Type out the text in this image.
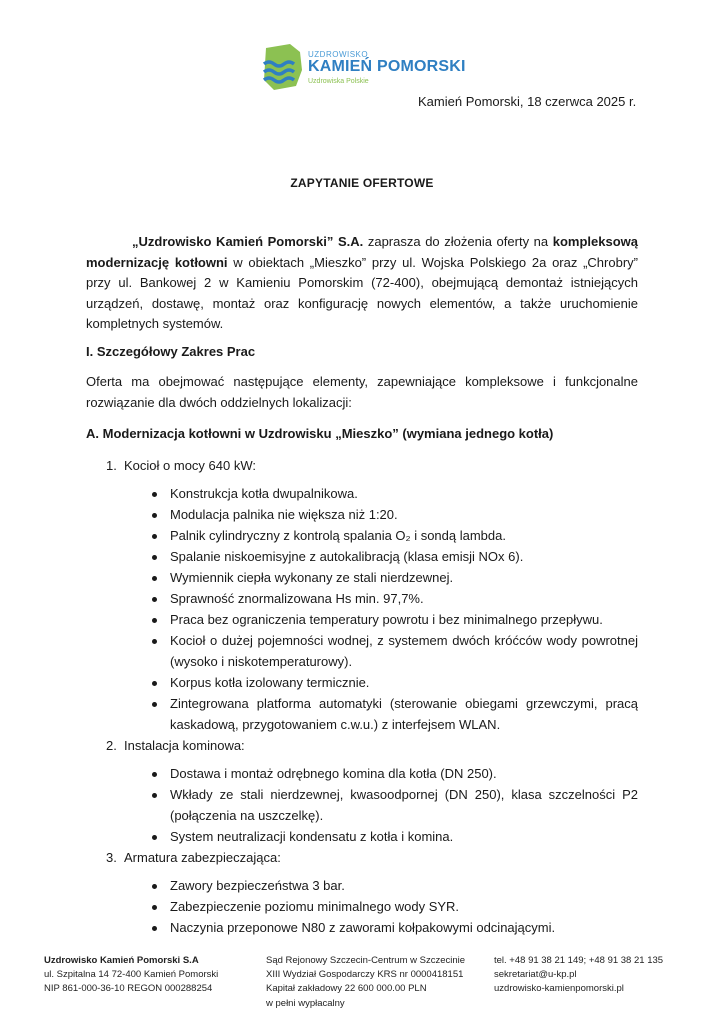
UZDROWISKO
KAMIEŃ POMORSKI
Uzdrowiska Polskie
Kamień Pomorski, 18 czerwca 2025 r.
ZAPYTANIE OFERTOWE
„Uzdrowisko Kamień Pomorski” S.A. zaprasza do złożenia oferty na kompleksową modernizację kotłowni w obiektach „Mieszko” przy ul. Wojska Polskiego 2a oraz „Chrobry” przy ul. Bankowej 2 w Kamieniu Pomorskim (72-400), obejmującą demontaż istniejących urządzeń, dostawę, montaż oraz konfigurację nowych elementów, a także uruchomienie kompletnych systemów.
I. Szczegółowy Zakres Prac
Oferta ma obejmować następujące elementy, zapewniające kompleksowe i funkcjonalne rozwiązanie dla dwóch oddzielnych lokalizacji:
A. Modernizacja kotłowni w Uzdrowisku „Mieszko” (wymiana jednego kotła)
1. Kocioł o mocy 640 kW:
Konstrukcja kotła dwupalnikowa.
Modulacja palnika nie większa niż 1:20.
Palnik cylindryczny z kontrolą spalania O₂ i sondą lambda.
Spalanie niskoemisyjne z autokalibracją (klasa emisji NOx 6).
Wymiennik ciepła wykonany ze stali nierdzewnej.
Sprawność znormalizowana Hs min. 97,7%.
Praca bez ograniczenia temperatury powrotu i bez minimalnego przepływu.
Kocioł o dużej pojemności wodnej, z systemem dwóch króćców wody powrotnej (wysoko i niskotemperaturowy).
Korpus kotła izolowany termicznie.
Zintegrowana platforma automatyki (sterowanie obiegami grzewczymi, pracą kaskadową, przygotowaniem c.w.u.) z interfejsem WLAN.
2. Instalacja kominowa:
Dostawa i montaż odrębnego komina dla kotła (DN 250).
Wkłady ze stali nierdzewnej, kwasoodpornej (DN 250), klasa szczelności P2 (połączenia na uszczelkę).
System neutralizacji kondensatu z kotła i komina.
3. Armatura zabezpieczająca:
Zawory bezpieczeństwa 3 bar.
Zabezpieczenie poziomu minimalnego wody SYR.
Naczynia przeponowe N80 z zaworami kołpakowymi odcinającymi.
Uzdrowisko Kamień Pomorski S.A
ul. Szpitalna 14 72-400 Kamień Pomorski
NIP 861-000-36-10 REGON 000288254
Sąd Rejonowy Szczecin-Centrum w Szczecinie
XIII Wydział Gospodarczy KRS nr 0000418151
Kapitał zakładowy 22 600 000.00 PLN
w pełni wypłacalny
tel. +48 91 38 21 149; +48 91 38 21 135
sekretariat@u-kp.pl
uzdrowisko-kamienpomorski.pl
